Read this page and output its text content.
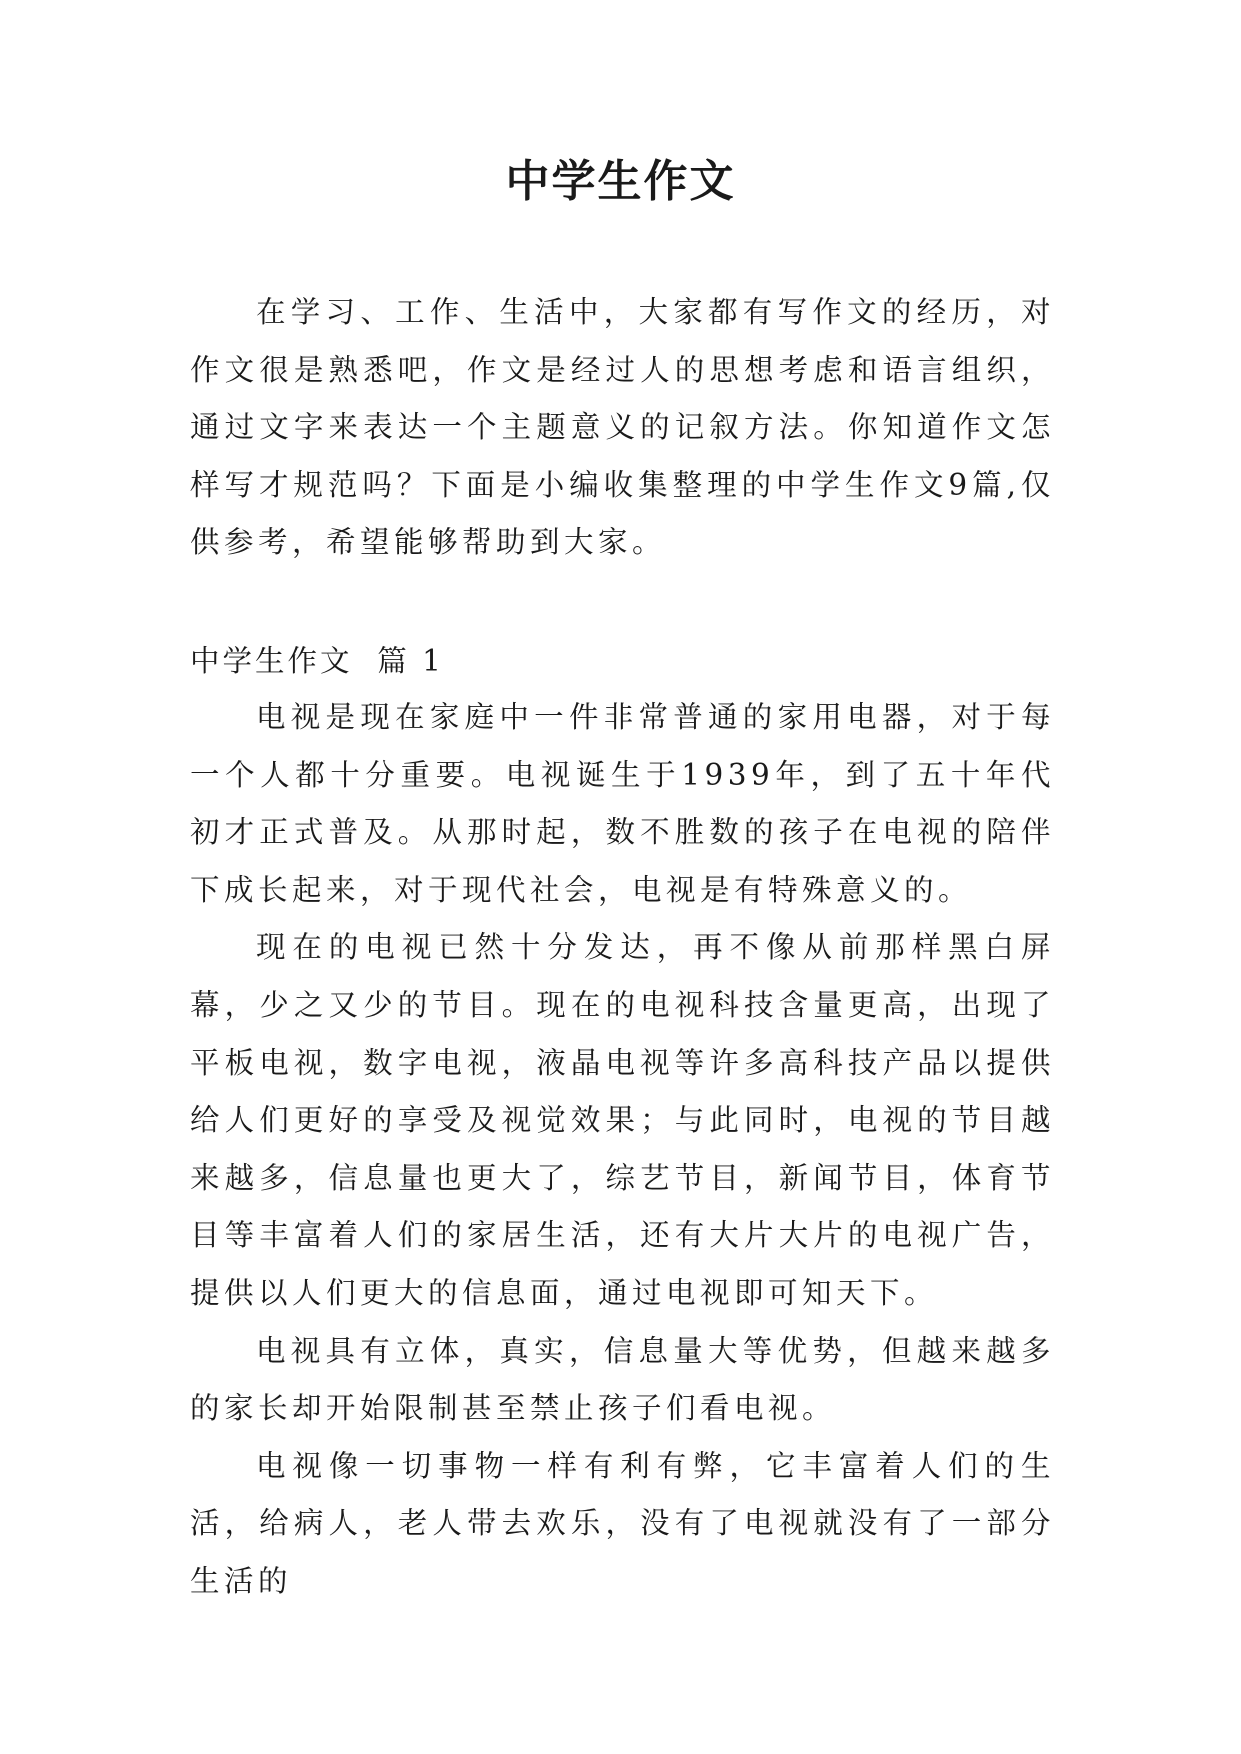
中学生作文

在学习、工作、生活中，大家都有写作文的经历，对作文很是熟悉吧，作文是经过人的思想考虑和语言组织，通过文字来表达一个主题意义的记叙方法。你知道作文怎样写才规范吗？下面是小编收集整理的中学生作文9篇,仅供参考，希望能够帮助到大家。

中学生作文  篇 1

电视是现在家庭中一件非常普通的家用电器，对于每一个人都十分重要。电视诞生于1939年，到了五十年代初才正式普及。从那时起，数不胜数的孩子在电视的陪伴下成长起来，对于现代社会，电视是有特殊意义的。

现在的电视已然十分发达，再不像从前那样黑白屏幕，少之又少的节目。现在的电视科技含量更高，出现了平板电视，数字电视，液晶电视等许多高科技产品以提供给人们更好的享受及视觉效果；与此同时，电视的节目越来越多，信息量也更大了，综艺节目，新闻节目，体育节目等丰富着人们的家居生活，还有大片大片的电视广告，提供以人们更大的信息面，通过电视即可知天下。

电视具有立体，真实，信息量大等优势，但越来越多的家长却开始限制甚至禁止孩子们看电视。

电视像一切事物一样有利有弊，它丰富着人们的生活，给病人，老人带去欢乐，没有了电视就没有了一部分生活的
